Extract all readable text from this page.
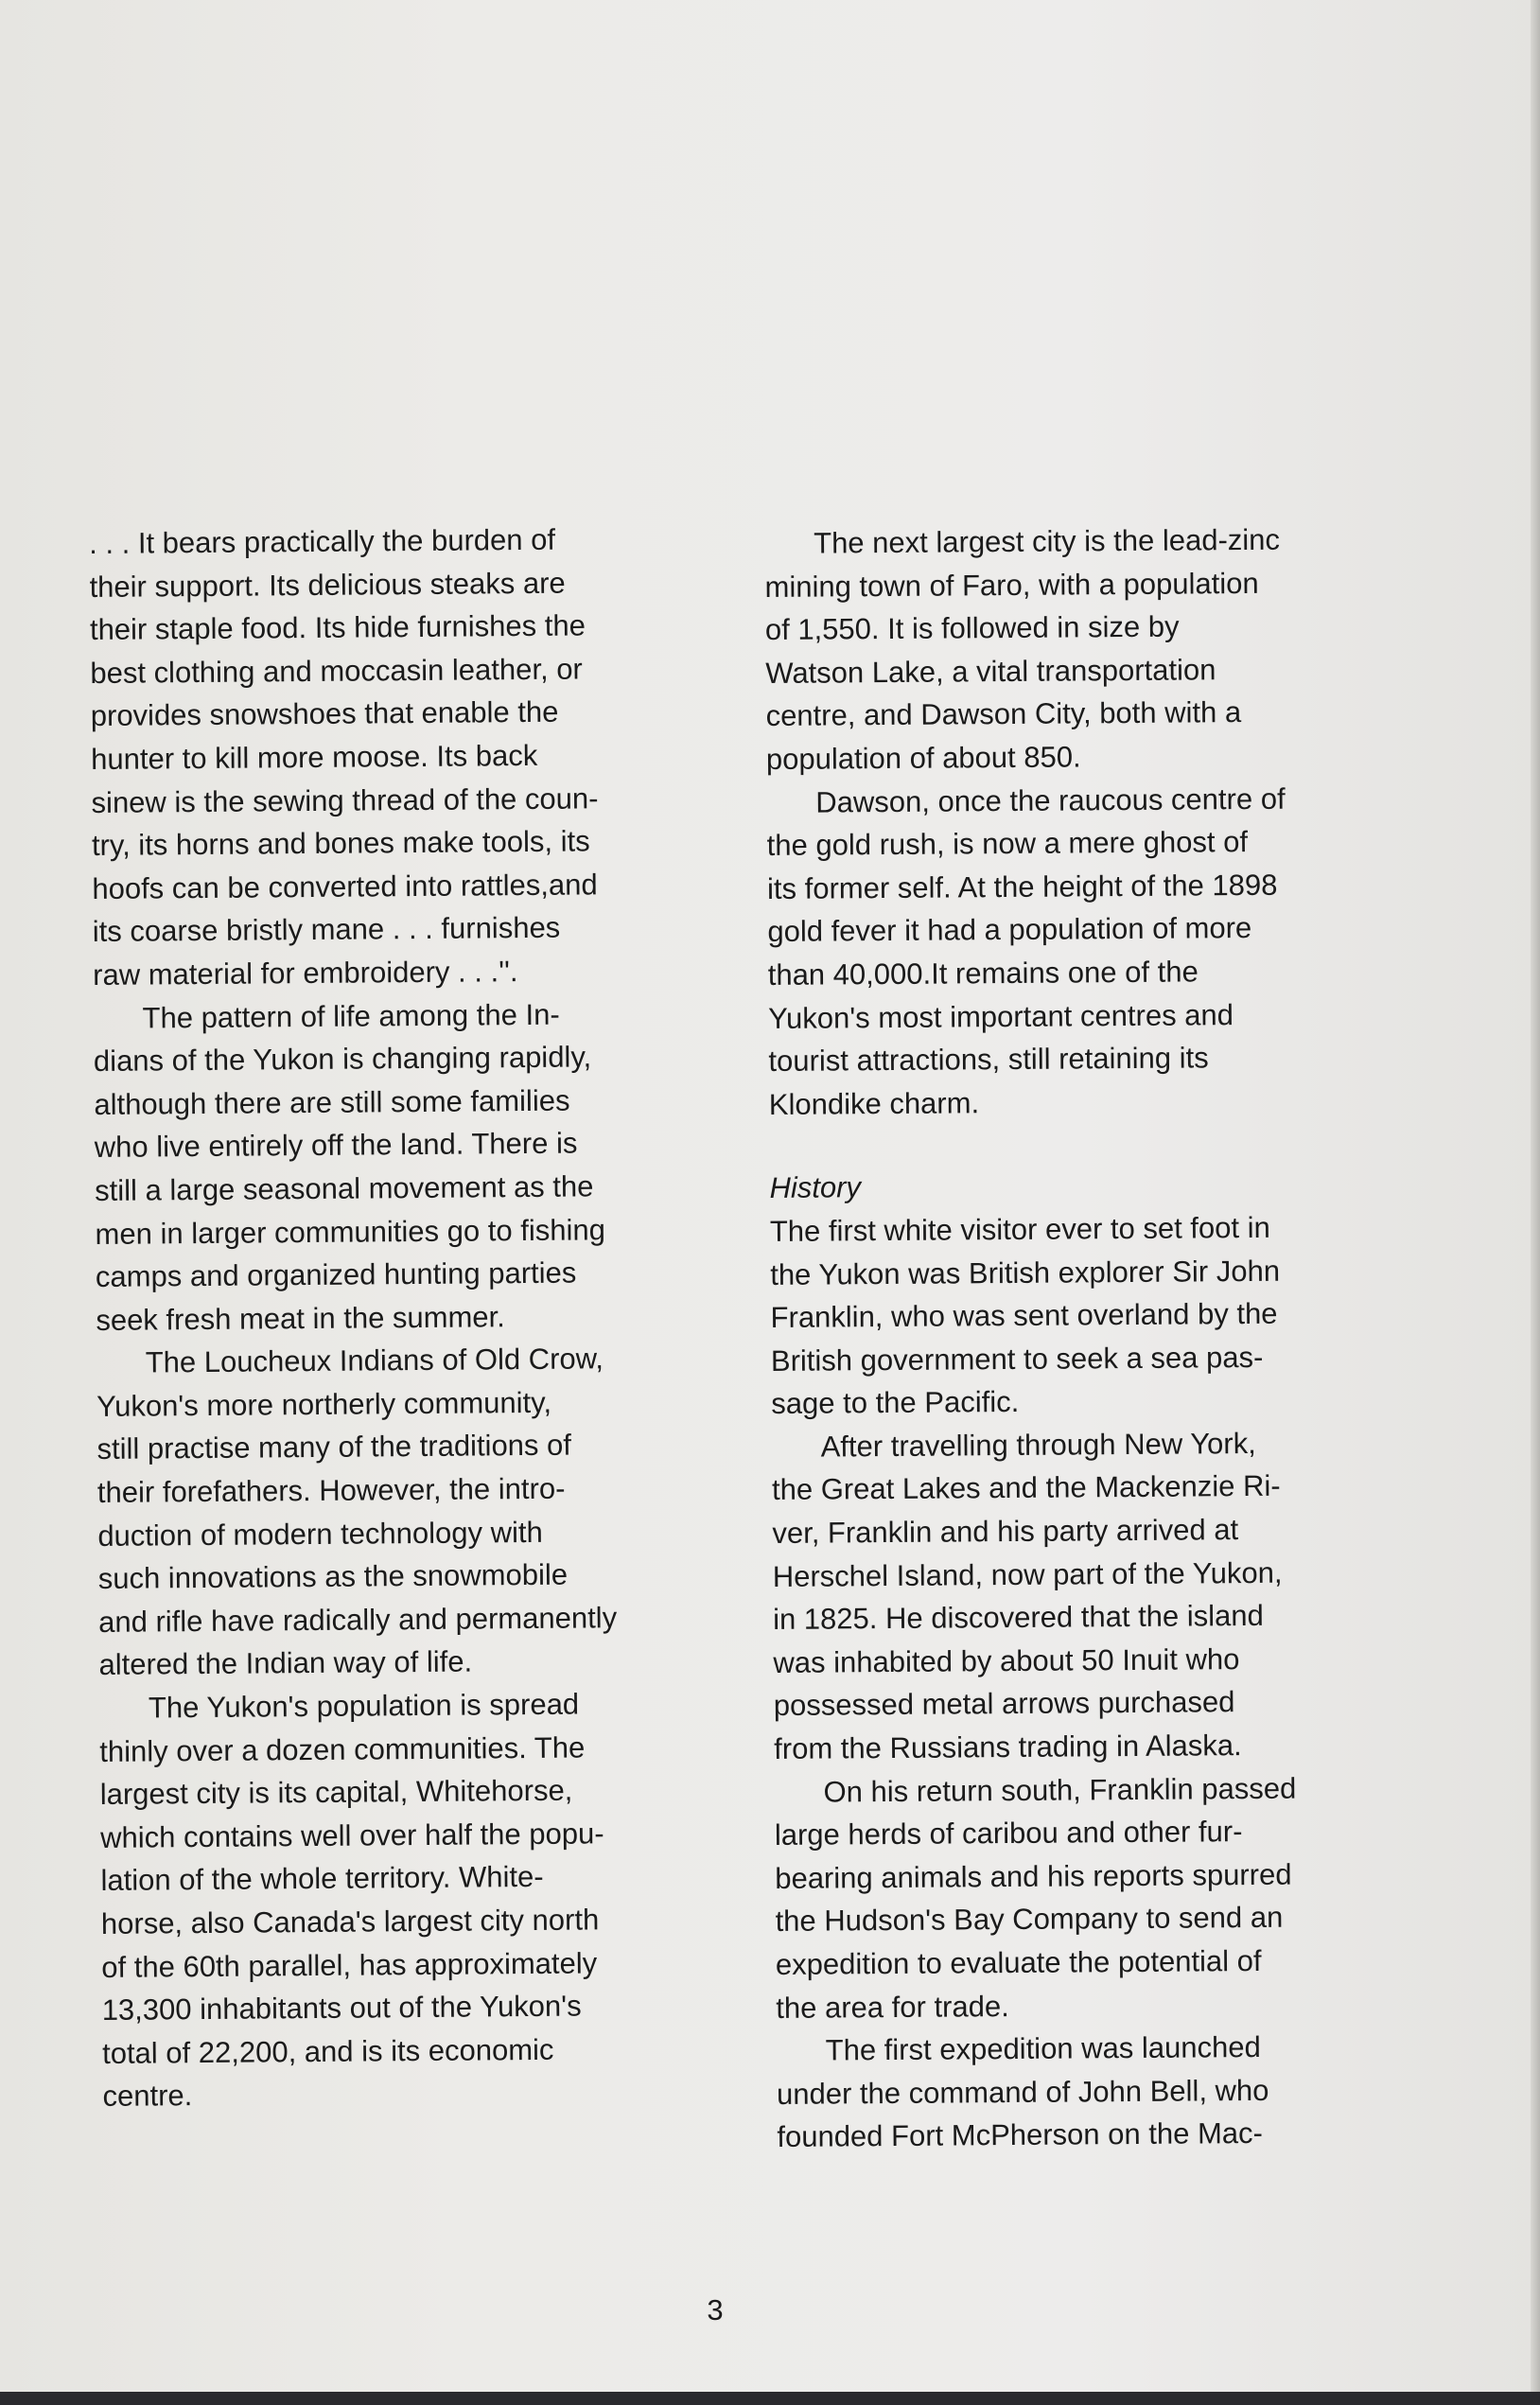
. . . It bears practically the burden of
their support. Its delicious steaks are
their staple food. Its hide furnishes the
best clothing and moccasin leather, or
provides snowshoes that enable the
hunter to kill more moose. Its back
sinew is the sewing thread of the coun-
try, its horns and bones make tools, its
hoofs can be converted into rattles,and
its coarse bristly mane . . . furnishes
raw material for embroidery . . .''.

The pattern of life among the In-
dians of the Yukon is changing rapidly,
although there are still some families
who live entirely off the land. There is
still a large seasonal movement as the
men in larger communities go to fishing
camps and organized hunting parties
seek fresh meat in the summer.

The Loucheux Indians of Old Crow,
Yukon's more northerly community,
still practise many of the traditions of
their forefathers. However, the intro-
duction of modern technology with
such innovations as the snowmobile
and rifle have radically and permanently
altered the Indian way of life.

The Yukon's population is spread
thinly over a dozen communities. The
largest city is its capital, Whitehorse,
which contains well over half the popu-
lation of the whole territory. White-
horse, also Canada's largest city north
of the 60th parallel, has approximately
13,300 inhabitants out of the Yukon's
total of 22,200, and is its economic
centre.

The next largest city is the lead-zinc
mining town of Faro, with a population
of 1,550. It is followed in size by
Watson Lake, a vital transportation
centre, and Dawson City, both with a
population of about 850.

Dawson, once the raucous centre of
the gold rush, is now a mere ghost of
its former self. At the height of the 1898
gold fever it had a population of more
than 40,000.It remains one of the
Yukon's most important centres and
tourist attractions, still retaining its
Klondike charm.

History

The first white visitor ever to set foot in
the Yukon was British explorer Sir John
Franklin, who was sent overland by the
British government to seek a sea pas-
sage to the Pacific.

After travelling through New York,
the Great Lakes and the Mackenzie Ri-
ver, Franklin and his party arrived at
Herschel Island, now part of the Yukon,
in 1825. He discovered that the island
was inhabited by about 50 Inuit who
possessed metal arrows purchased
from the Russians trading in Alaska.

On his return south, Franklin passed
large herds of caribou and other fur-
bearing animals and his reports spurred
the Hudson's Bay Company to send an
expedition to evaluate the potential of
the area for trade.

The first expedition was launched
under the command of John Bell, who
founded Fort McPherson on the Mac-

3
